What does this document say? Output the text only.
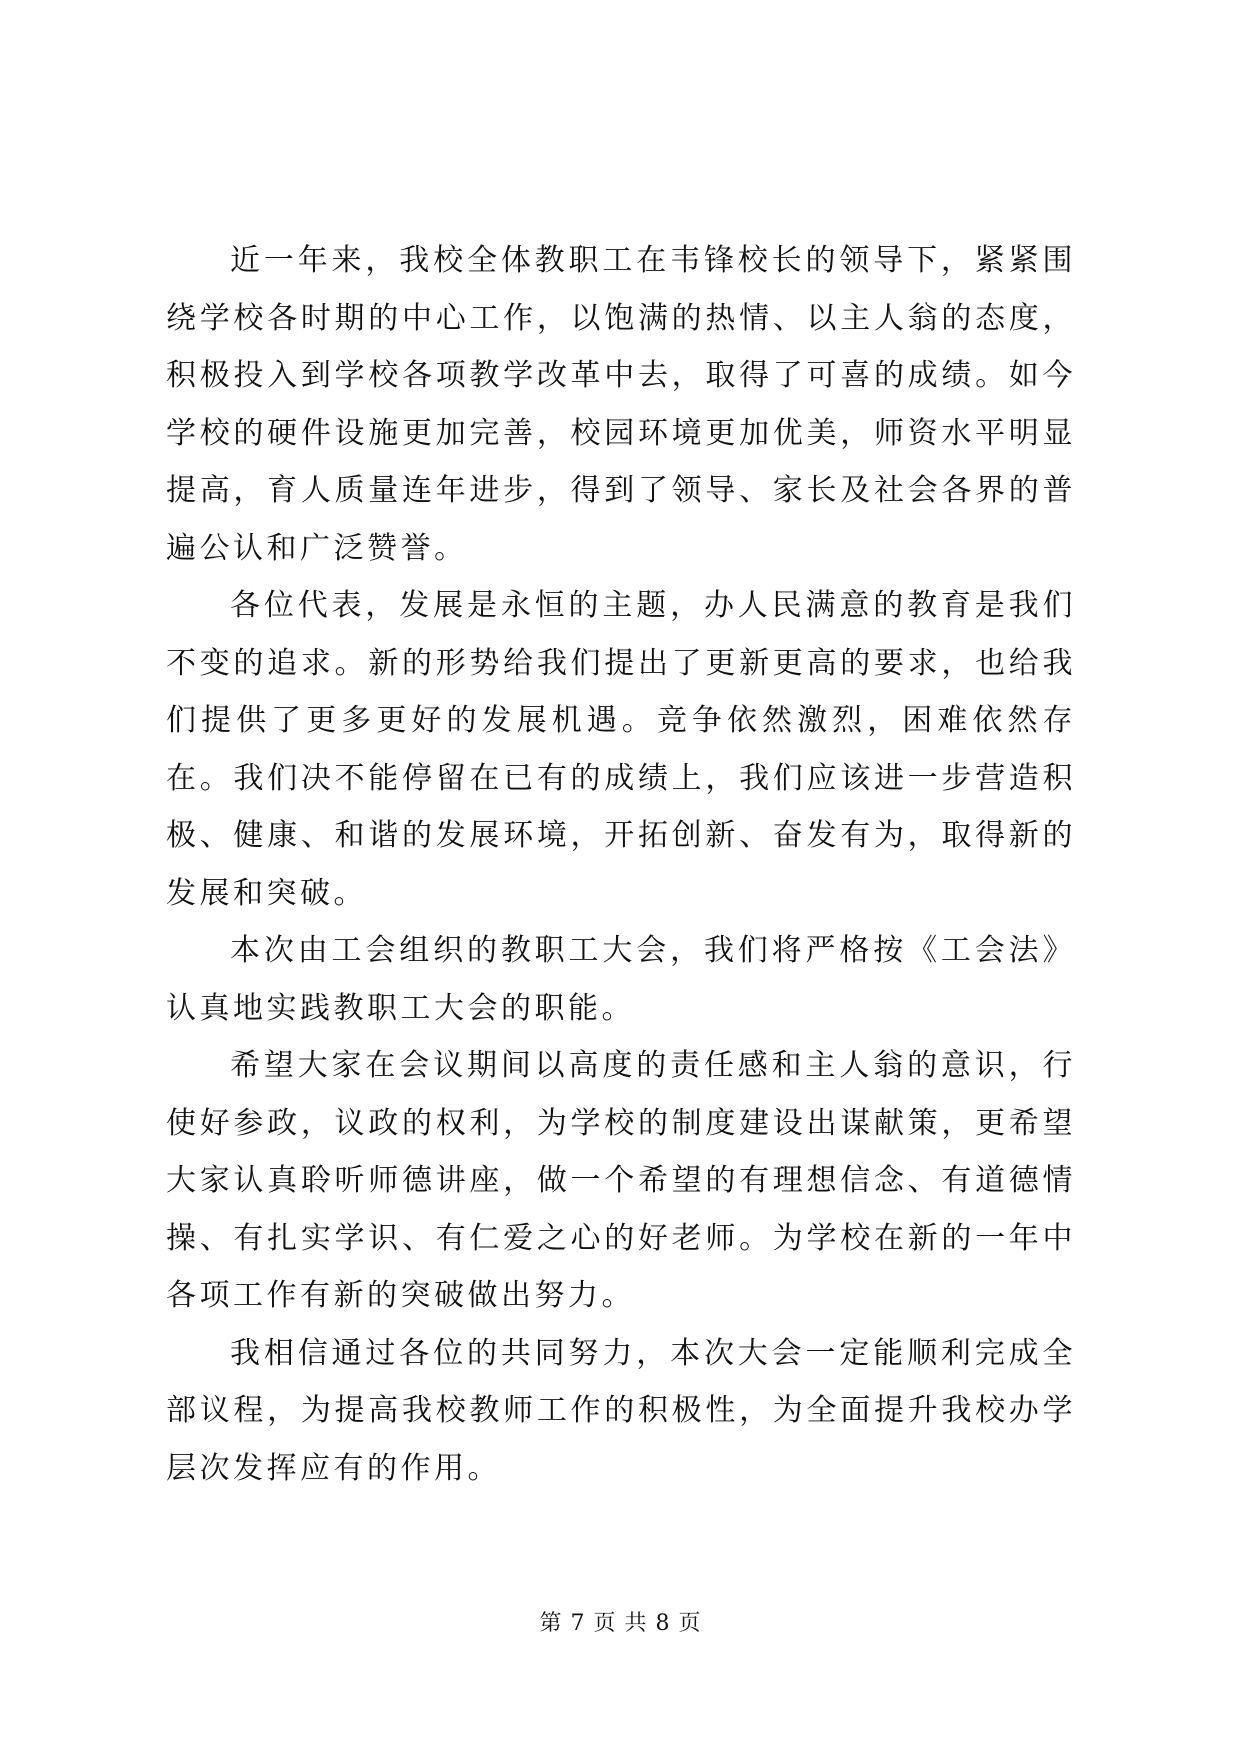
近一年来，我校全体教职工在韦锋校长的领导下，紧紧围绕学校各时期的中心工作，以饱满的热情、以主人翁的态度，积极投入到学校各项教学改革中去，取得了可喜的成绩。如今学校的硬件设施更加完善，校园环境更加优美，师资水平明显提高，育人质量连年进步，得到了领导、家长及社会各界的普遍公认和广泛赞誉。

各位代表，发展是永恒的主题，办人民满意的教育是我们不变的追求。新的形势给我们提出了更新更高的要求，也给我们提供了更多更好的发展机遇。竞争依然激烈，困难依然存在。我们决不能停留在已有的成绩上，我们应该进一步营造积极、健康、和谐的发展环境，开拓创新、奋发有为，取得新的发展和突破。

本次由工会组织的教职工大会，我们将严格按《工会法》认真地实践教职工大会的职能。

希望大家在会议期间以高度的责任感和主人翁的意识，行使好参政，议政的权利，为学校的制度建设出谋献策，更希望大家认真聆听师德讲座，做一个希望的有理想信念、有道德情操、有扎实学识、有仁爱之心的好老师。为学校在新的一年中各项工作有新的突破做出努力。

我相信通过各位的共同努力，本次大会一定能顺利完成全部议程，为提高我校教师工作的积极性，为全面提升我校办学层次发挥应有的作用。

第 7 页 共 8 页
